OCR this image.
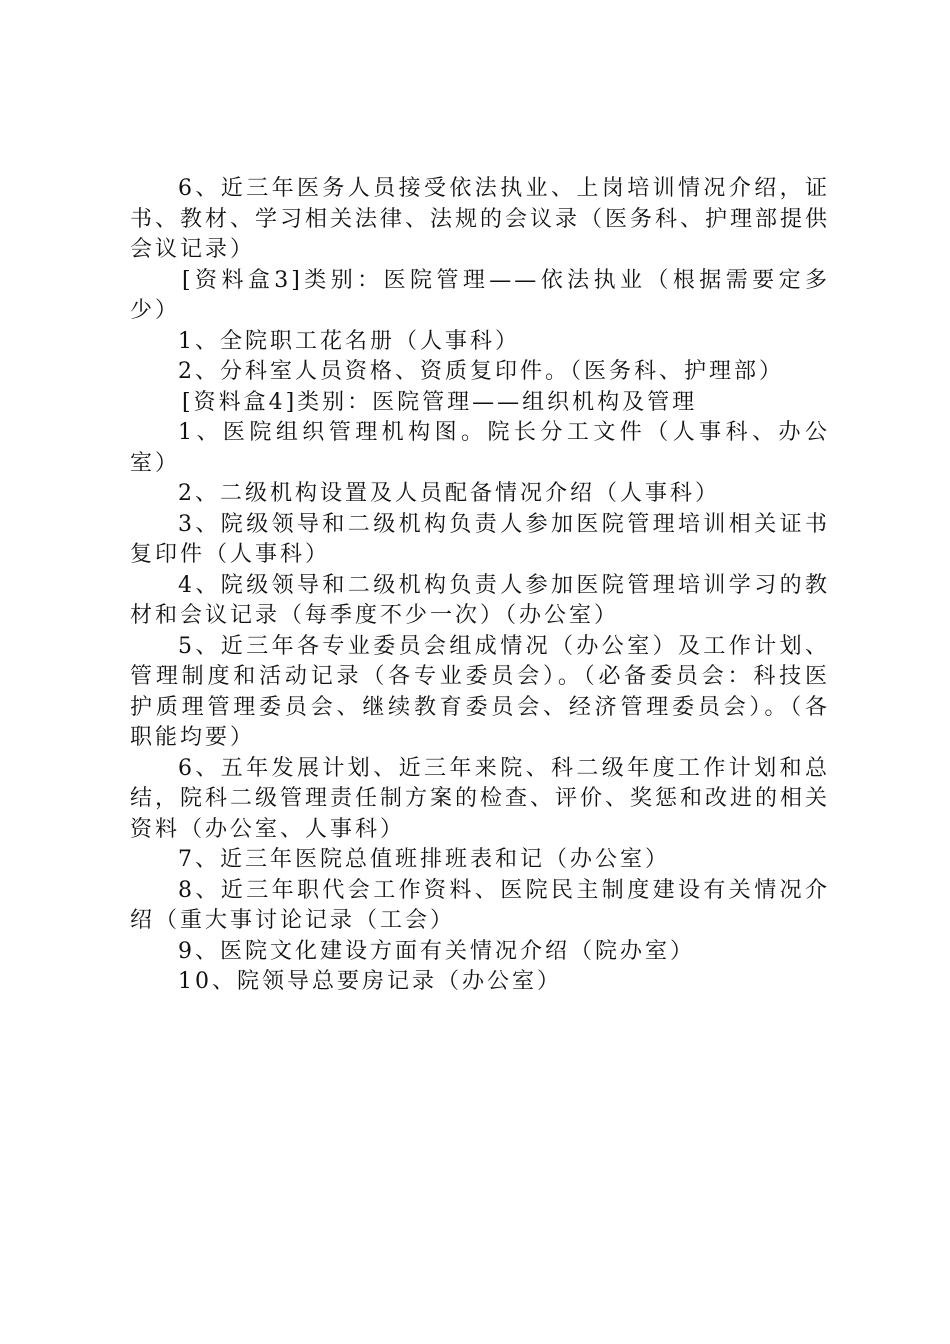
6、近三年医务人员接受依法执业、上岗培训情况介绍，证书、教材、学习相关法律、法规的会议录（医务科、护理部提供会议记录）

[资料盒3]类别：医院管理——依法执业（根据需要定多少）

1、全院职工花名册（人事科）

2、分科室人员资格、资质复印件。（医务科、护理部）

[资料盒4]类别：医院管理——组织机构及管理

1、医院组织管理机构图。院长分工文件（人事科、办公室）

2、二级机构设置及人员配备情况介绍（人事科）

3、院级领导和二级机构负责人参加医院管理培训相关证书复印件（人事科）

4、院级领导和二级机构负责人参加医院管理培训学习的教材和会议记录（每季度不少一次）（办公室）

5、近三年各专业委员会组成情况（办公室）及工作计划、管理制度和活动记录（各专业委员会）。（必备委员会：科技医护质理管理委员会、继续教育委员会、经济管理委员会）。（各职能均要）

6、五年发展计划、近三年来院、科二级年度工作计划和总结，院科二级管理责任制方案的检查、评价、奖惩和改进的相关资料（办公室、人事科）

7、近三年医院总值班排班表和记（办公室）

8、近三年职代会工作资料、医院民主制度建设有关情况介绍（重大事讨论记录（工会）

9、医院文化建设方面有关情况介绍（院办室）

10、院领导总要房记录（办公室）
